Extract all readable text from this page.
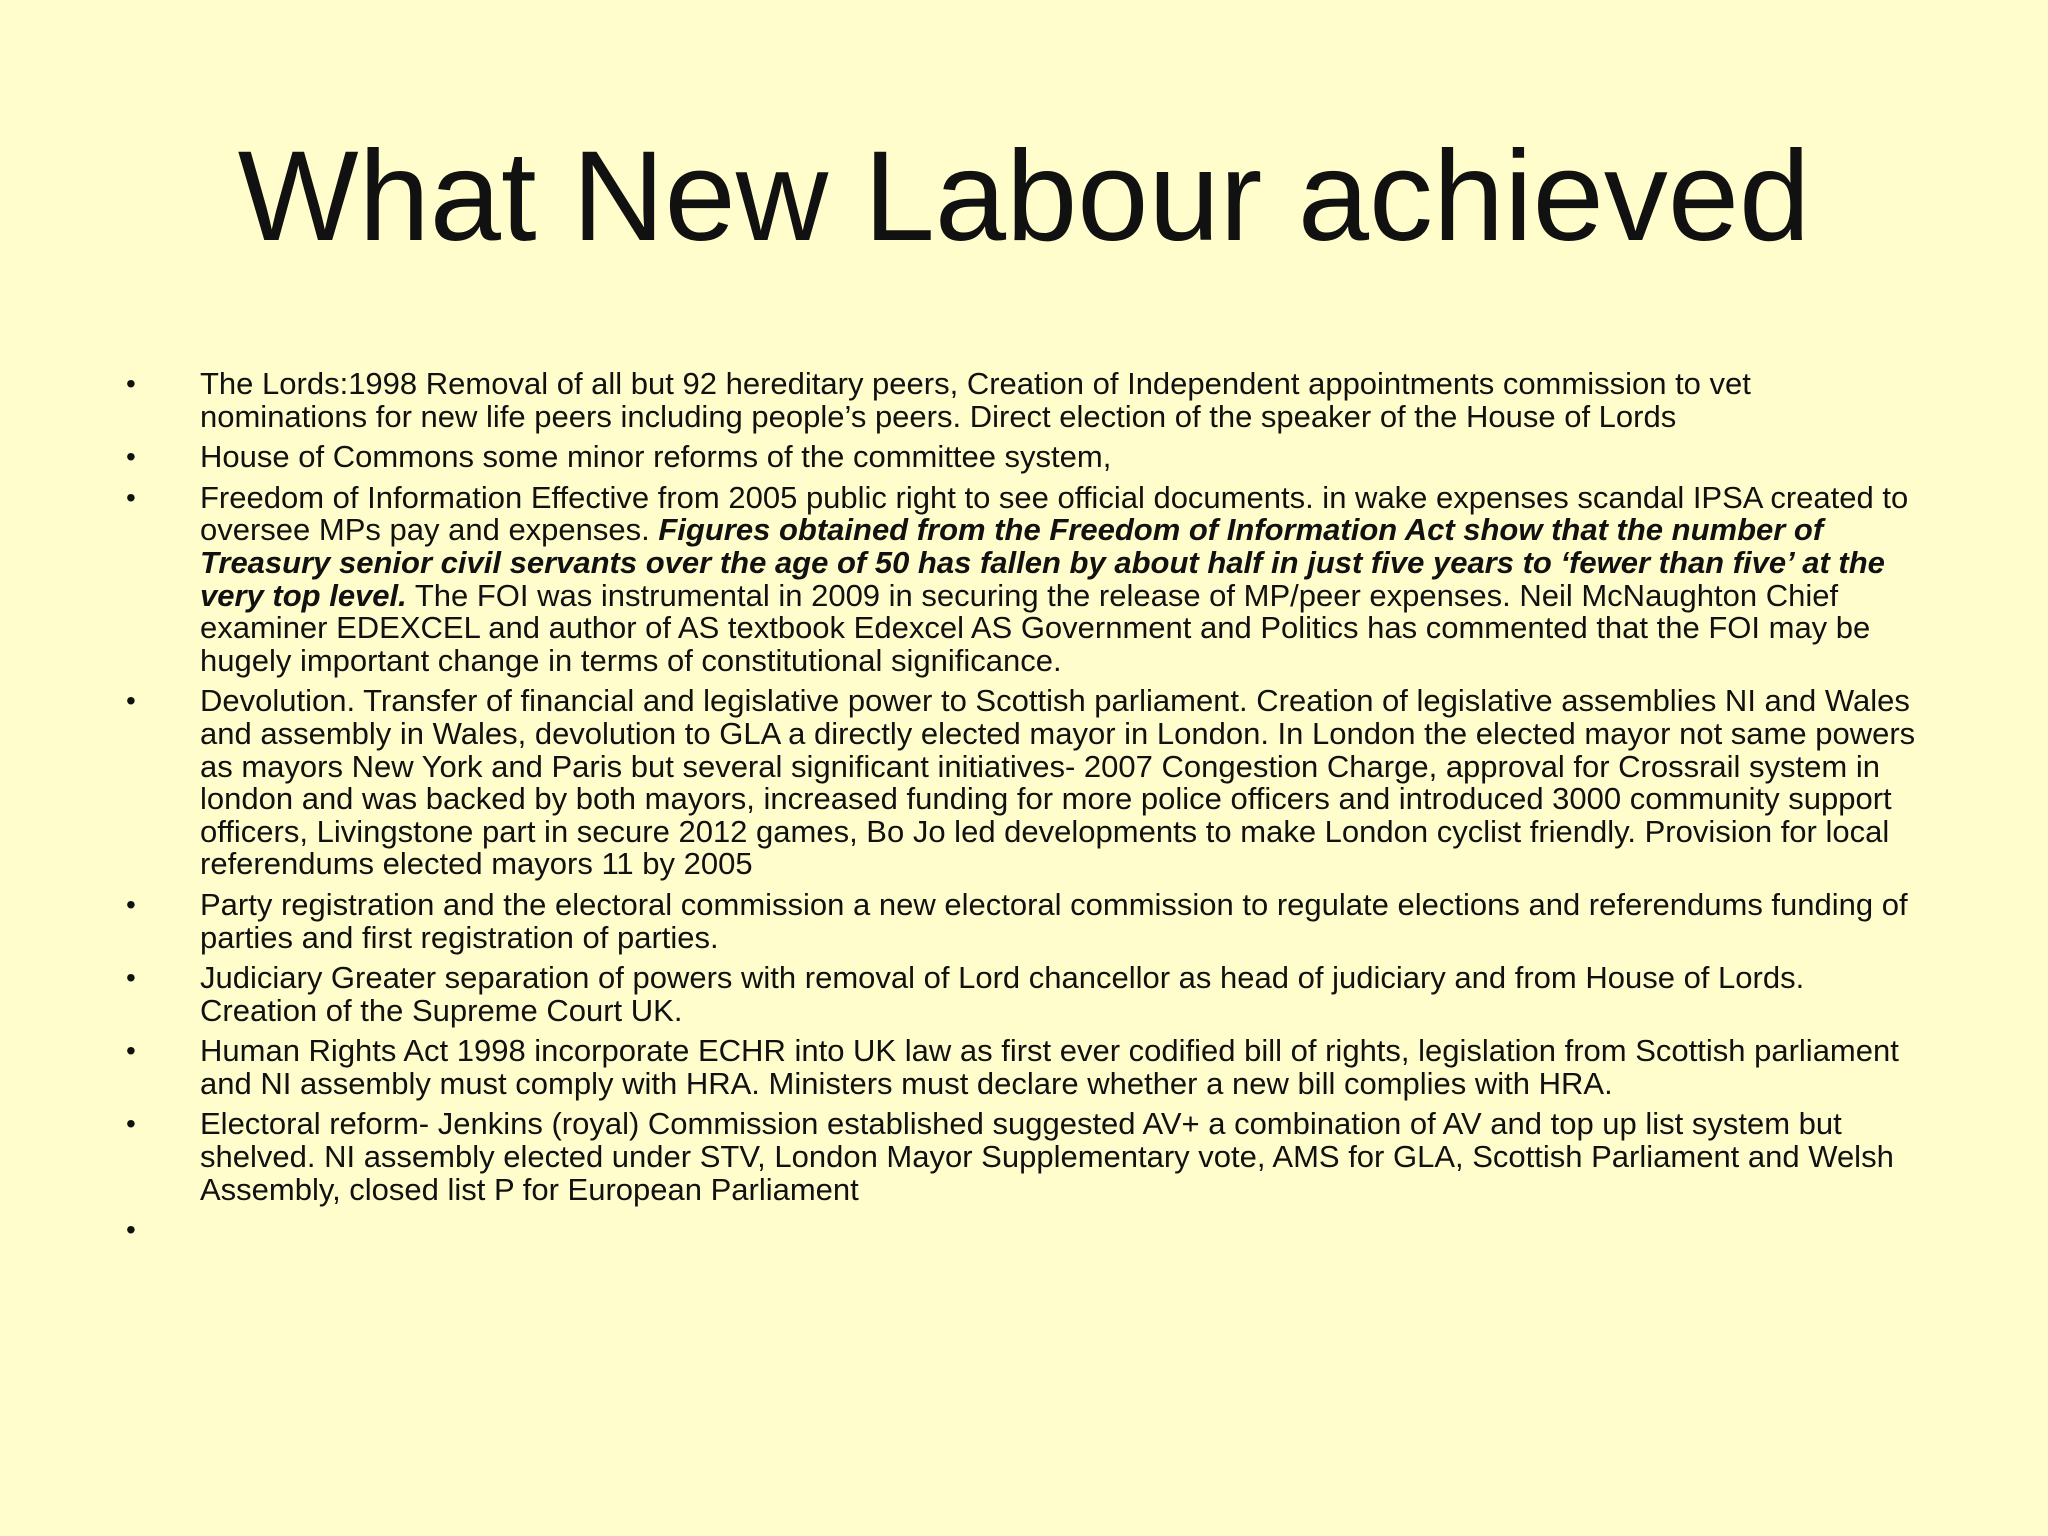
What New Labour achieved
• The Lords:1998 Removal of all but 92 hereditary peers, Creation of Independent appointments commission to vet nominations for new life peers including people’s peers. Direct election of the speaker of the House of Lords
• House of Commons some minor reforms of the committee system,
• Freedom of Information Effective from 2005 public right to see official documents. in wake expenses scandal IPSA created to oversee MPs pay and expenses. Figures obtained from the Freedom of Information Act show that the number of Treasury senior civil servants over the age of 50 has fallen by about half in just five years to ‘fewer than five’ at the very top level. The FOI was instrumental in 2009 in securing the release of MP/peer expenses. Neil McNaughton Chief examiner EDEXCEL and author of AS textbook Edexcel AS Government and Politics has commented that the FOI may be hugely important change in terms of constitutional significance.
• Devolution. Transfer of financial and legislative power to Scottish parliament. Creation of legislative assemblies NI and Wales and assembly in Wales, devolution to GLA a directly elected mayor in London. In London the elected mayor not same powers as mayors New York and Paris but several significant initiatives- 2007 Congestion Charge, approval for Crossrail system in london and was backed by both mayors, increased funding for more police officers and introduced 3000 community support officers, Livingstone part in secure 2012 games, Bo Jo led developments to make London cyclist friendly. Provision for local referendums elected mayors 11 by 2005
• Party registration and the electoral commission a new electoral commission to regulate elections and referendums funding of parties and first registration of parties.
• Judiciary Greater separation of powers with removal of Lord chancellor as head of judiciary and from House of Lords. Creation of the Supreme Court UK.
• Human Rights Act 1998 incorporate ECHR into UK law as first ever codified bill of rights, legislation from Scottish parliament and NI assembly must comply with HRA. Ministers must declare whether a new bill complies with HRA.
• Electoral reform- Jenkins (royal) Commission established suggested AV+ a combination of AV and top up list system but shelved. NI assembly elected under STV, London Mayor Supplementary vote, AMS for GLA, Scottish Parliament and Welsh Assembly, closed list P for European Parliament
•
